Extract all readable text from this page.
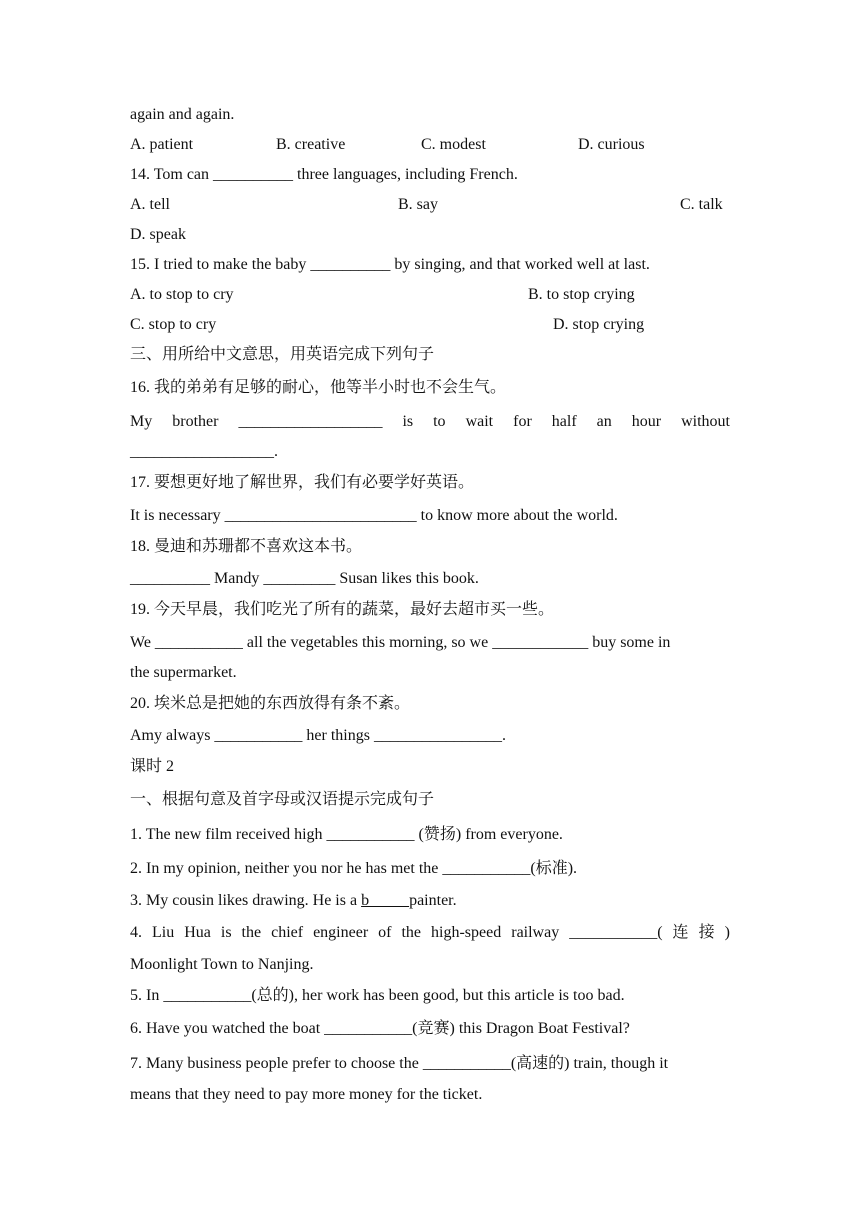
again and again.
A. patient	B. creative	C. modest	D. curious
14. Tom can __________ three languages, including French.
A. tell	B. say	C. talk
D. speak
15. I tried to make the baby __________ by singing, and that worked well at last.
A. to stop to cry	B. to stop crying
C. stop to cry	D. stop crying
三、用所给中文意思，用英语完成下列句子
16. 我的弟弟有足够的耐心，他等半小时也不会生气。
My brother __________________ is to wait for half an hour without
__________________.
17. 要想更好地了解世界，我们有必要学好英语。
It is necessary ________________________ to know more about the world.
18. 曼迪和苏珊都不喜欢这本书。
__________ Mandy _________ Susan likes this book.
19. 今天早晨，我们吃光了所有的蔬菜，最好去超市买一些。
We ___________ all the vegetables this morning, so we ____________ buy some in
the supermarket.
20. 埃米总是把她的东西放得有条不紊。
Amy always ___________ her things ________________.
课时 2
一、根据句意及首字母或汉语提示完成句子
1. The new film received high ___________ (赞扬) from everyone.
2. In my opinion, neither you nor he has met the ___________(标准).
3. My cousin likes drawing. He is a b          painter.
4. Liu Hua is the chief engineer of the high-speed railway ___________( 连 接 )
Moonlight Town to Nanjing.
5. In ___________(总的), her work has been good, but this article is too bad.
6. Have you watched the boat ___________(竞赛) this Dragon Boat Festival?
7. Many business people prefer to choose the ___________(高速的) train, though it
means that they need to pay more money for the ticket.
